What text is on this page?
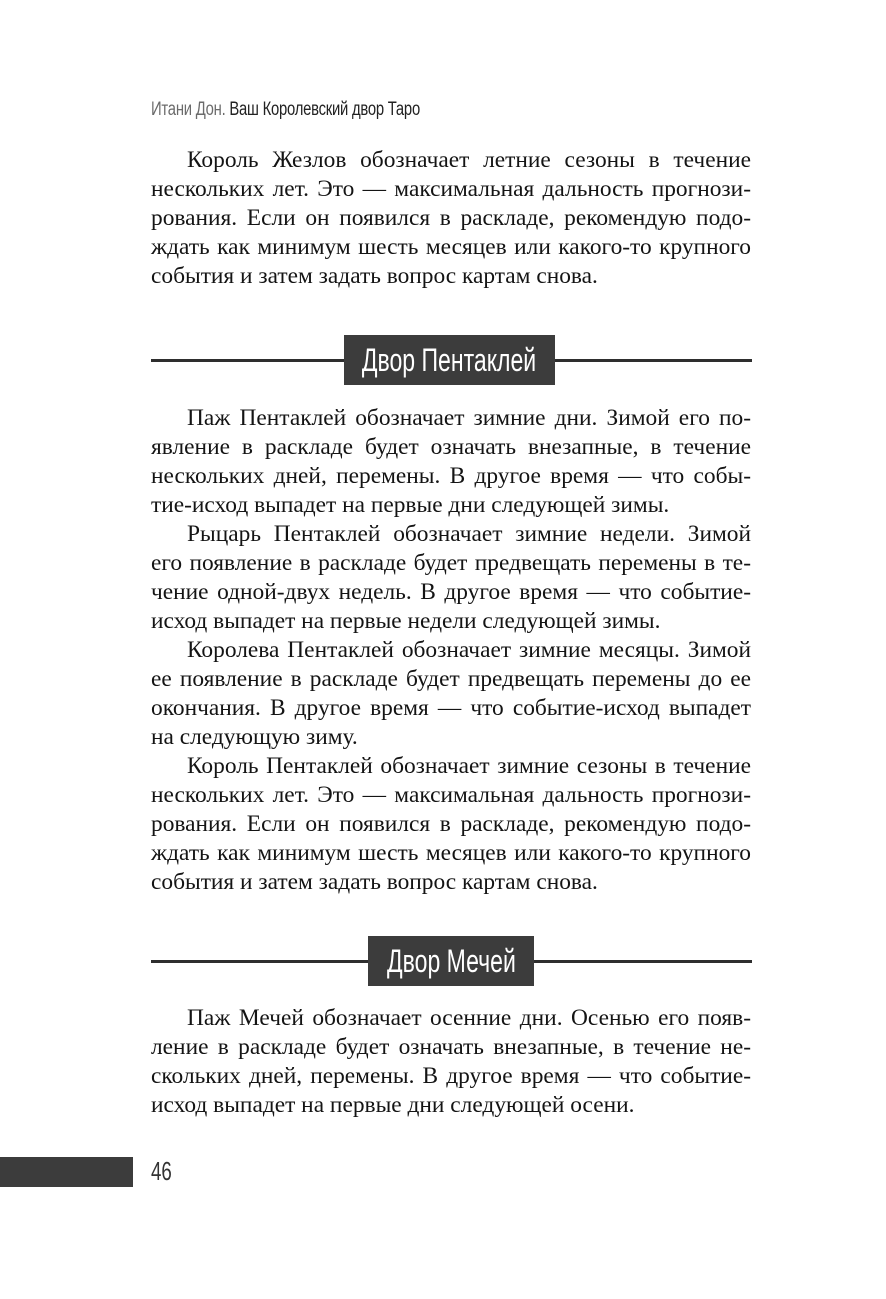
Итани Дон. Ваш Королевский двор Таро

Король Жезлов обозначает летние сезоны в течение нескольких лет. Это — максимальная дальность прогнозирования. Если он появился в раскладе, рекомендую подождать как минимум шесть месяцев или какого-то крупного события и затем задать вопрос картам снова.

Двор Пентаклей

Паж Пентаклей обозначает зимние дни. Зимой его появление в раскладе будет означать внезапные, в течение нескольких дней, перемены. В другое время — что событие-исход выпадет на первые дни следующей зимы.

Рыцарь Пентаклей обозначает зимние недели. Зимой его появление в раскладе будет предвещать перемены в течение одной-двух недель. В другое время — что событие-исход выпадет на первые недели следующей зимы.

Королева Пентаклей обозначает зимние месяцы. Зимой ее появление в раскладе будет предвещать перемены до ее окончания. В другое время — что событие-исход выпадет на следующую зиму.

Король Пентаклей обозначает зимние сезоны в течение нескольких лет. Это — максимальная дальность прогнозирования. Если он появился в раскладе, рекомендую подождать как минимум шесть месяцев или какого-то крупного события и затем задать вопрос картам снова.

Двор Мечей

Паж Мечей обозначает осенние дни. Осенью его появление в раскладе будет означать внезапные, в течение нескольких дней, перемены. В другое время — что событие-исход выпадет на первые дни следующей осени.

46
